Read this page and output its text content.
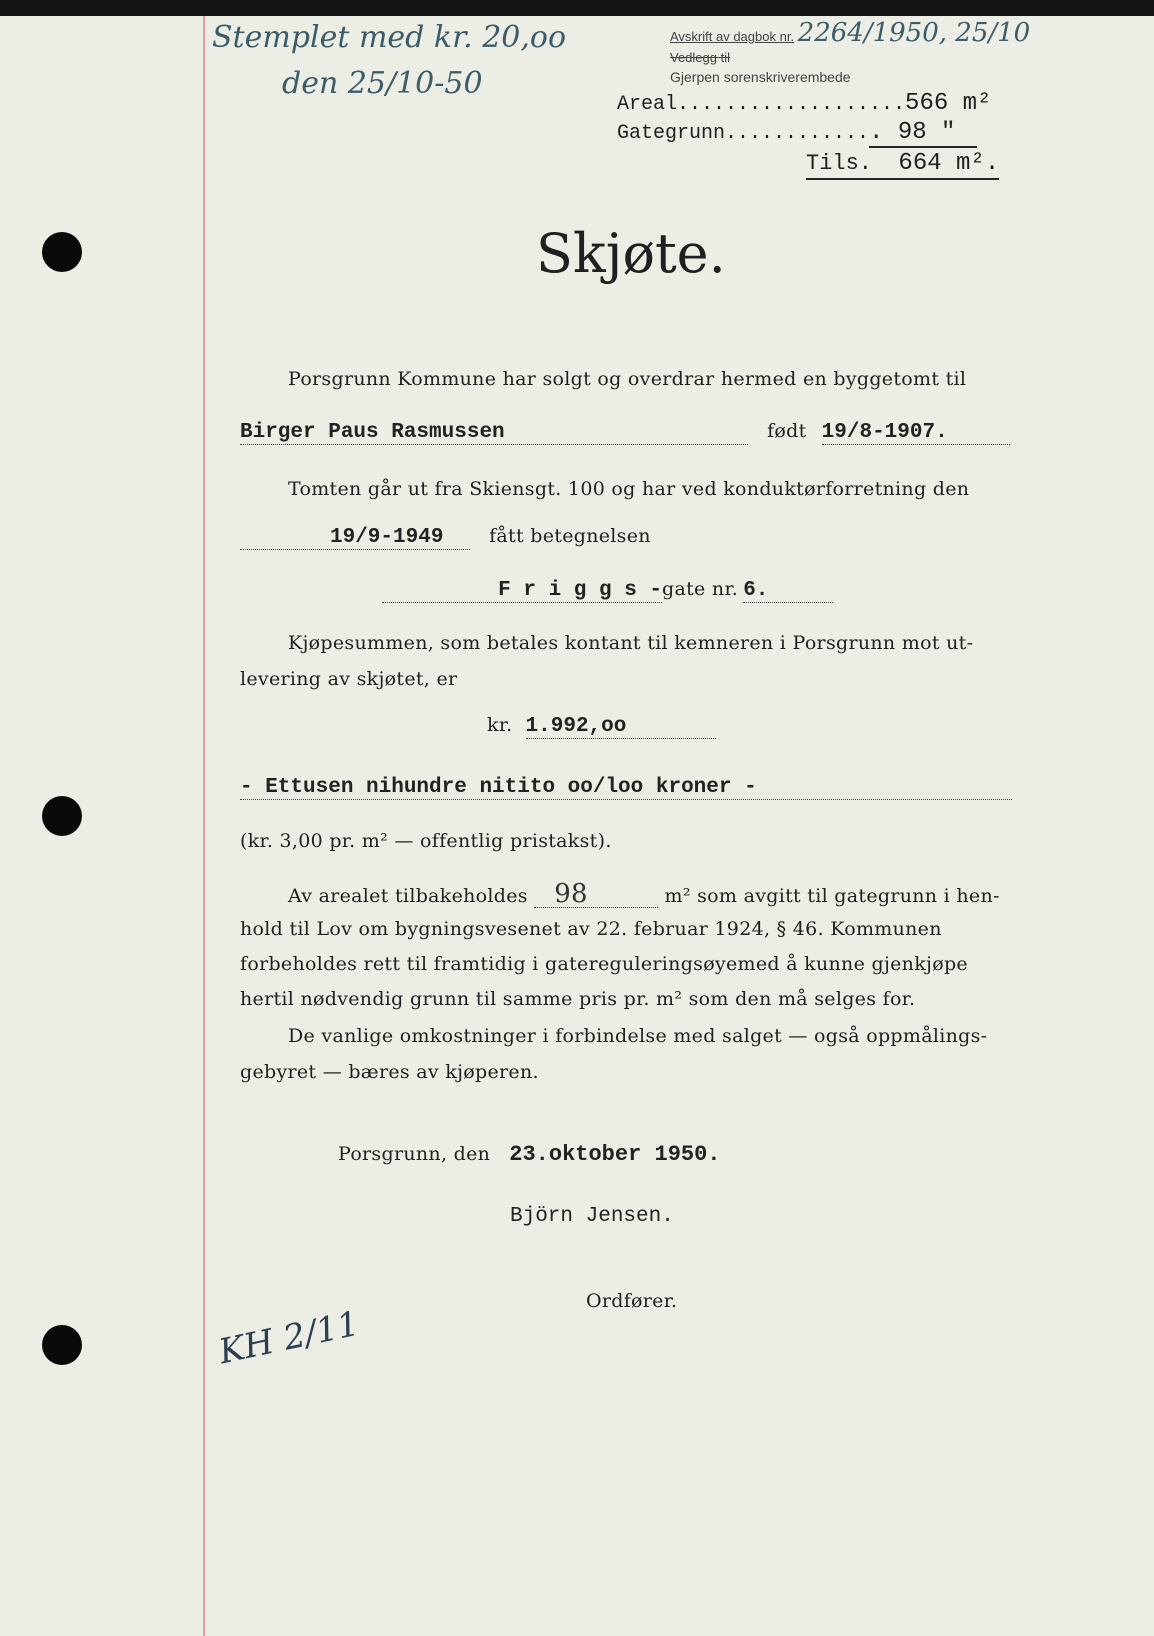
Stemplet med kr. 20,oo
den 25/10-50
Avskrift av dagbok nr. 2264/1950, 25/10
Vedlegg til
Gjerpen sorenskriverembede
Areal...................566 m²
Gategrunn............. 98 "
Tils. 664 m².
Skjøte.
Porsgrunn Kommune har solgt og overdrar hermed en byggetomt til
Birger Paus Rasmussen	født 19/8-1907.
Tomten går ut fra Skiensgt. 100 og har ved konduktørforretning den
19/9-1949 fått betegnelsen
F r i g g s -gate nr. 6.
Kjøpesummen, som betales kontant til kemneren i Porsgrunn mot ut-
levering av skjøtet, er
kr. 1.992,oo
- Ettusen nihundre nitito oo/loo kroner -
(kr. 3,00 pr. m² — offentlig pristakst).
Av arealet tilbakeholdes 98	m² som avgitt til gategrunn i hen-
hold til Lov om bygningsvesenet av 22. februar 1924, § 46. Kommunen
forbeholdes rett til framtidig i gatereguleringsøyemed å kunne gjenkjøpe
hertil nødvendig grunn til samme pris pr. m² som den må selges for.
De vanlige omkostninger i forbindelse med salget — også oppmålings-
gebyret — bæres av kjøperen.
Porsgrunn, den 23.oktober 1950.
Björn Jensen.
Ordfører.
KH 2/11
